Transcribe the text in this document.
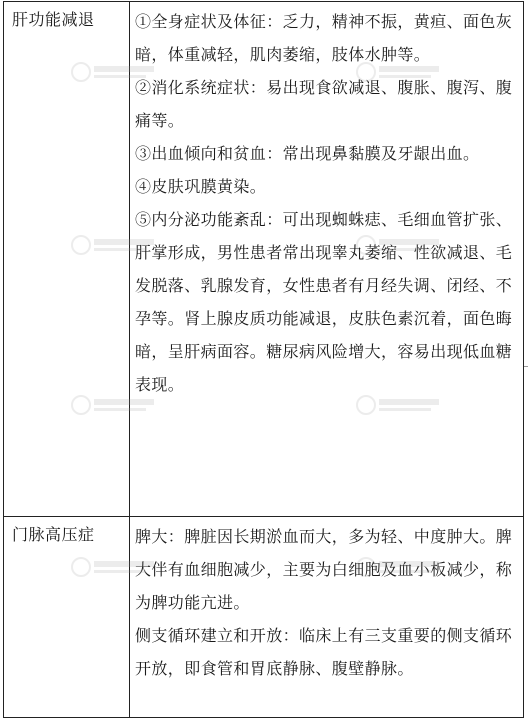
肝功能减退	①全身症状及体征：乏力，精神不振，黄疸、面色灰暗，体重减轻，肌肉萎缩，肢体水肿等。
②消化系统症状：易出现食欲减退、腹胀、腹泻、腹痛等。
③出血倾向和贫血：常出现鼻黏膜及牙龈出血。
④皮肤巩膜黄染。
⑤内分泌功能紊乱：可出现蜘蛛痣、毛细血管扩张、肝掌形成，男性患者常出现睾丸萎缩、性欲减退、毛发脱落、乳腺发育，女性患者有月经失调、闭经、不孕等。肾上腺皮质功能减退，皮肤色素沉着，面色晦暗，呈肝病面容。糖尿病风险增大，容易出现低血糖表现。

门脉高压症	脾大：脾脏因长期淤血而大，多为轻、中度肿大。脾大伴有血细胞减少，主要为白细胞及血小板减少，称为脾功能亢进。
侧支循环建立和开放：临床上有三支重要的侧支循环开放，即食管和胃底静脉、腹壁静脉。
